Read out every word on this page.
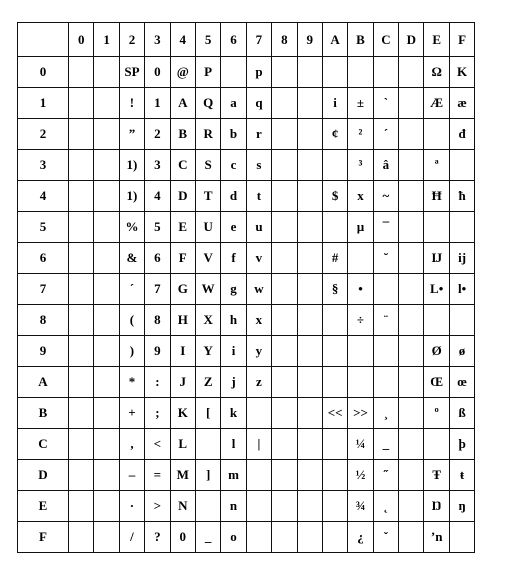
	0	1	2	3	4	5	6	7	8	9	A	B	C	D	E	F
0			SP	0	@	P		p							Ω	K
1			!	1	A	Q	a	q			i	±	`		Æ	æ
2			”	2	B	R	b	r			¢	²	´			đ
3			1)	3	C	S	c	s				³	â		ª	
4			1)	4	D	T	d	t			$	x	~		Ħ	ħ
5			%	5	E	U	e	u				µ	¯			
6			&	6	F	V	f	v			#		˘		Ĳ	ij
7			´	7	G	W	g	w			§	•			L•	l•
8			(	8	H	X	h	x				÷	¨			
9			)	9	I	Y	i	y							Ø	ø
A			*	:	J	Z	j	z							Œ	œ
B			+	;	K	[	k				<<	>>	¸		º	ß
C			,	<	L		l	|				¼	_			þ
D			–	=	M	]	m					½	˝		Ŧ	ŧ
E			·	>	N		n					¾	˛		Ŋ	ŋ
F			/	?	0	_	o					¿	ˇ		ʼn	
